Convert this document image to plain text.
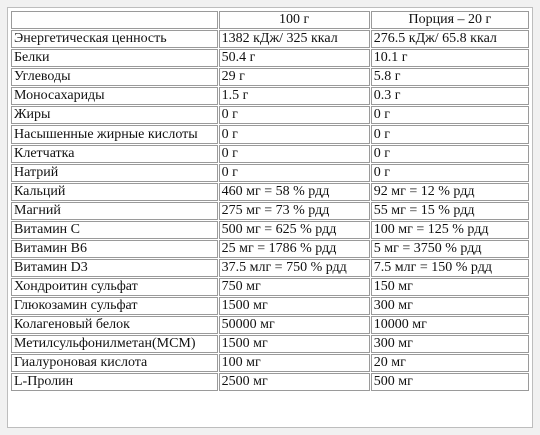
	100 г	Порция – 20 г
Энергетическая ценность	1382 кДж/ 325 ккал	276.5 кДж/ 65.8 ккал
Белки	50.4 г	10.1 г
Углеводы	29 г	5.8 г
Моносахариды	1.5 г	0.3 г
Жиры	0 г	0 г
Насышенные жирные кислоты	0 г	0 г
Клетчатка	0 г	0 г
Натрий	0 г	0 г
Кальций	460 мг = 58 % рдд	92 мг = 12 % рдд
Магний	275 мг = 73 % рдд	55 мг = 15 % рдд
Витамин С	500 мг = 625 % рдд	100 мг = 125 % рдд
Витамин В6	25 мг = 1786 % рдд	5 мг = 3750 % рдд
Витамин D3	37.5 млг = 750 % рдд	7.5 млг = 150 % рдд
Хондроитин сульфат	750 мг	150 мг
Глюкозамин сульфат	1500 мг	300 мг
Колагеновый белок	50000 мг	10000 мг
Метилсульфонилметан(МСМ)	1500 мг	300 мг
Гиалуроновая кислота	100 мг	20 мг
L-Пролин	2500 мг	500 мг
